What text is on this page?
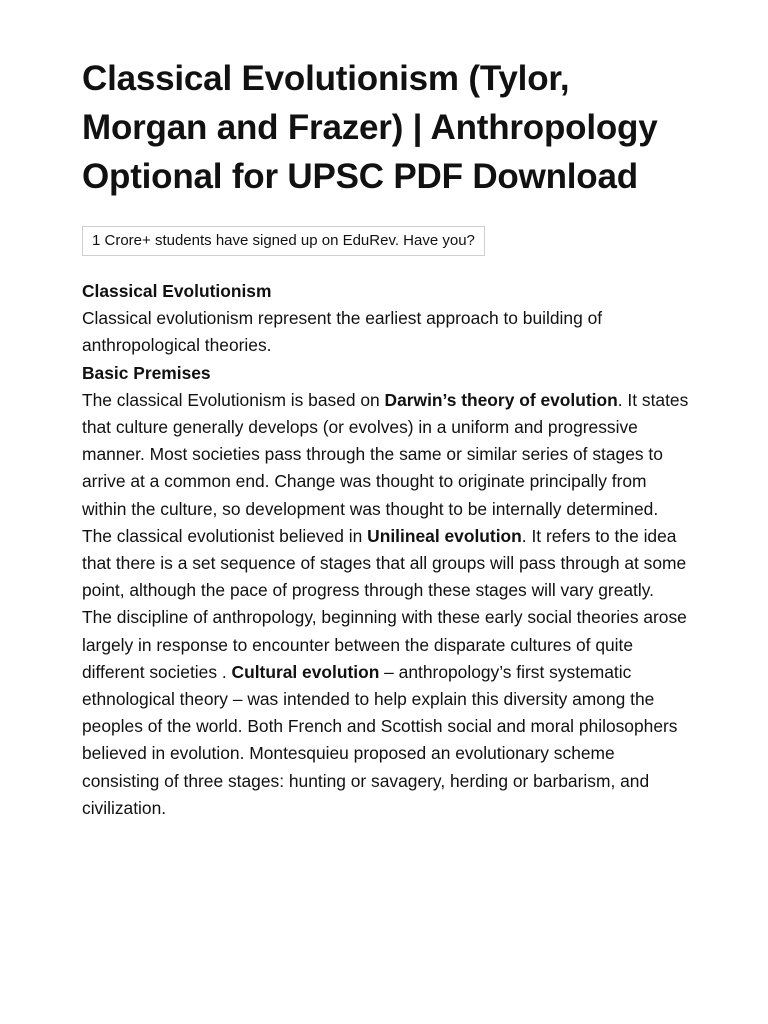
Classical Evolutionism (Tylor, Morgan and Frazer) | Anthropology Optional for UPSC PDF Download
1 Crore+ students have signed up on EduRev. Have you?

Classical Evolutionism

Classical evolutionism represent the earliest approach to building of anthropological theories.

Basic Premises

The classical Evolutionism is based on Darwin’s theory of evolution. It states that culture generally develops (or evolves) in a uniform and progressive manner. Most societies pass through the same or similar series of stages to arrive at a common end. Change was thought to originate principally from within the culture, so development was thought to be internally determined.

The classical evolutionist believed in Unilineal evolution. It refers to the idea that there is a set sequence of stages that all groups will pass through at some point, although the pace of progress through these stages will vary greatly.

The discipline of anthropology, beginning with these early social theories arose largely in response to encounter between the disparate cultures of quite different societies . Cultural evolution – anthropology’s first systematic ethnological theory – was intended to help explain this diversity among the peoples of the world. Both French and Scottish social and moral philosophers believed in evolution. Montesquieu proposed an evolutionary scheme consisting of three stages: hunting or savagery, herding or barbarism, and civilization.
